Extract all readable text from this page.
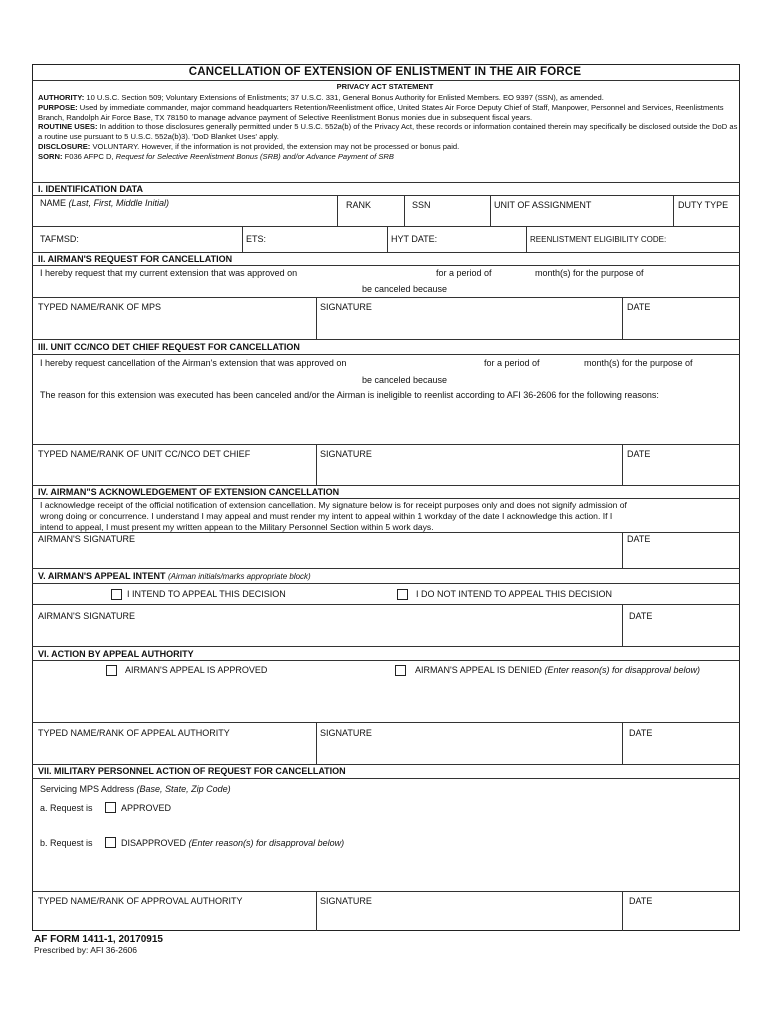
CANCELLATION OF EXTENSION OF ENLISTMENT IN THE AIR FORCE
PRIVACY ACT STATEMENT
AUTHORITY: 10 U.S.C. Section 509; Voluntary Extensions of Enlistments; 37 U.S.C. 331, General Bonus Authority for Enlisted Members. EO 9397 (SSN), as amended.
PURPOSE: Used by immediate commander, major command headquarters Retention/Reenlistment office, United States Air Force Deputy Chief of Staff, Manpower, Personnel and Services, Reenlistments Branch, Randolph Air Force Base, TX 78150 to manage advance payment of Selective Reenlistment Bonus monies due in subsequent fiscal years.
ROUTINE USES: In addition to those disclosures generally permitted under 5 U.S.C. 552a(b) of the Privacy Act, these records or information contained therein may specifically be disclosed outside the DoD as a routine use pursuant to 5 U.S.C. 552a(b)3). 'DoD Blanket Uses' apply.
DISCLOSURE: VOLUNTARY. However, if the information is not provided, the extension may not be processed or bonus paid.
SORN: F036 AFPC D, Request for Selective Reenlistment Bonus (SRB) and/or Advance Payment of SRB
I. IDENTIFICATION DATA
NAME (Last, First, Middle Initial)	RANK	SSN	UNIT OF ASSIGNMENT	DUTY TYPE
TAFMSD:	ETS:	HYT DATE:	REENLISTMENT ELIGIBILITY CODE:
II. AIRMAN'S REQUEST FOR CANCELLATION
I hereby request that my current extension that was approved on	for a period of	month(s) for the purpose of
be canceled because
TYPED NAME/RANK OF MPS	SIGNATURE	DATE
III. UNIT CC/NCO DET CHIEF REQUEST FOR CANCELLATION
I hereby request cancellation of the Airman's extension that was approved on	for a period of	month(s) for the purpose of
be canceled because
The reason for this extension was executed has been canceled and/or the Airman is ineligible to reenlist according to AFI 36-2606 for the following reasons:
TYPED NAME/RANK OF UNIT CC/NCO DET CHIEF	SIGNATURE	DATE
IV. AIRMAN"S ACKNOWLEDGEMENT OF EXTENSION CANCELLATION
I acknowledge receipt of the official notification of extension cancellation. My signature below is for receipt purposes only and does not signify admission of
wrong doing or concurrence. I understand I may appeal and must render my intent to appeal within 1 workday of the date I acknowledge this action. If I
intend to appeal, I must present my written appean to the Military Personnel Section within 5 work days.
AIRMAN'S SIGNATURE	DATE
V. AIRMAN'S APPEAL INTENT (Airman initials/marks appropriate block)
I INTEND TO APPEAL THIS DECISION	I DO NOT INTEND TO APPEAL THIS DECISION
AIRMAN'S SIGNATURE	DATE
VI. ACTION BY APPEAL AUTHORITY
AIRMAN'S APPEAL IS APPROVED	AIRMAN'S APPEAL IS DENIED (Enter reason(s) for disapproval below)
TYPED NAME/RANK OF APPEAL AUTHORITY	SIGNATURE	DATE
VII. MILITARY PERSONNEL ACTION OF REQUEST FOR CANCELLATION
Servicing MPS Address (Base, State, Zip Code)
a. Request is	APPROVED
b. Request is	DISAPPROVED (Enter reason(s) for disapproval below)
TYPED NAME/RANK OF APPROVAL AUTHORITY	SIGNATURE	DATE
AF FORM 1411-1, 20170915
Prescribed by: AFI 36-2606
